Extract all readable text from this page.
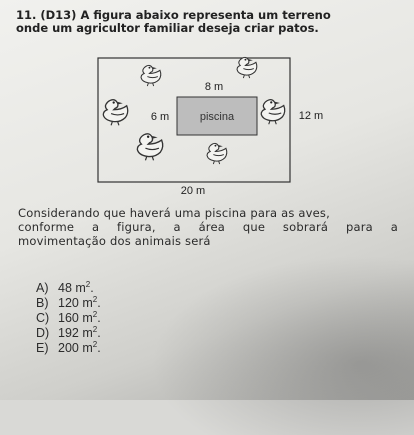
11. (D13) A figura abaixo representa um terreno
onde um agricultor familiar deseja criar patos.
piscina
8 m
6 m
20 m
12 m
Considerando que haverá uma piscina para as aves,
conforme a figura, a área que sobrará para a
movimentação dos animais será
A) 48 $m^2$.
B) 120 $m^2$.
C) 160 $m^2$.
D) 192 $m^2$.
E) 200 $m^2$.
